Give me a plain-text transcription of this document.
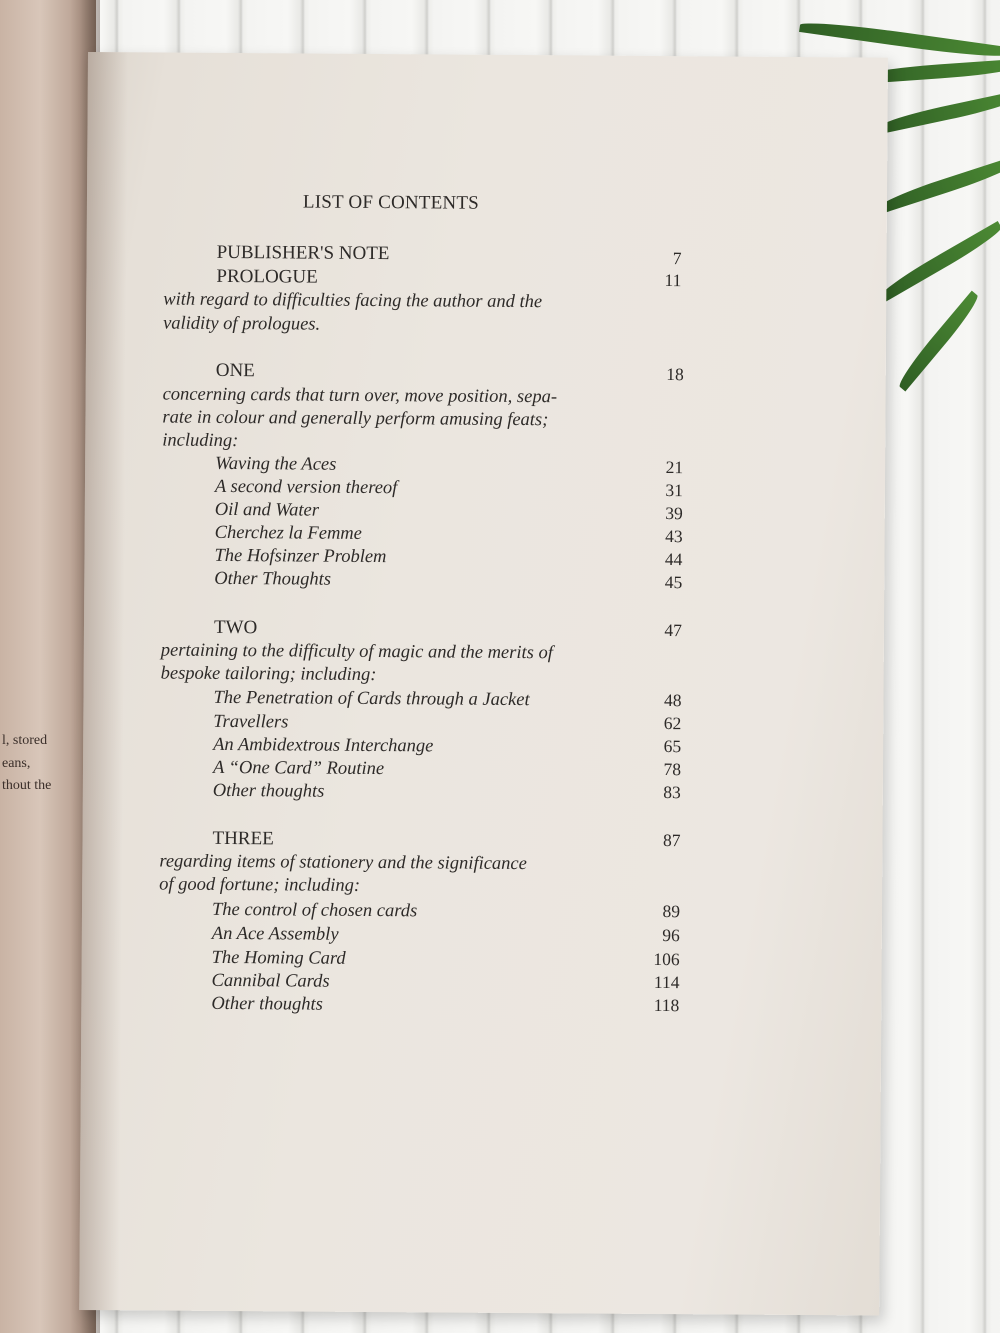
l, stored
eans,
thout the
LIST OF CONTENTS
PUBLISHER'S NOTE	7
PROLOGUE	11
with regard to difficulties facing the author and the
validity of prologues.
ONE	18
concerning cards that turn over, move position, sepa-
rate in colour and generally perform amusing feats;
including:
Waving the Aces	21
A second version thereof	31
Oil and Water	39
Cherchez la Femme	43
The Hofsinzer Problem	44
Other Thoughts	45
TWO	47
pertaining to the difficulty of magic and the merits of
bespoke tailoring; including:
The Penetration of Cards through a Jacket	48
Travellers	62
An Ambidextrous Interchange	65
A “One Card” Routine	78
Other thoughts	83
THREE	87
regarding items of stationery and the significance
of good fortune; including:
The control of chosen cards	89
An Ace Assembly	96
The Homing Card	106
Cannibal Cards	114
Other thoughts	118
